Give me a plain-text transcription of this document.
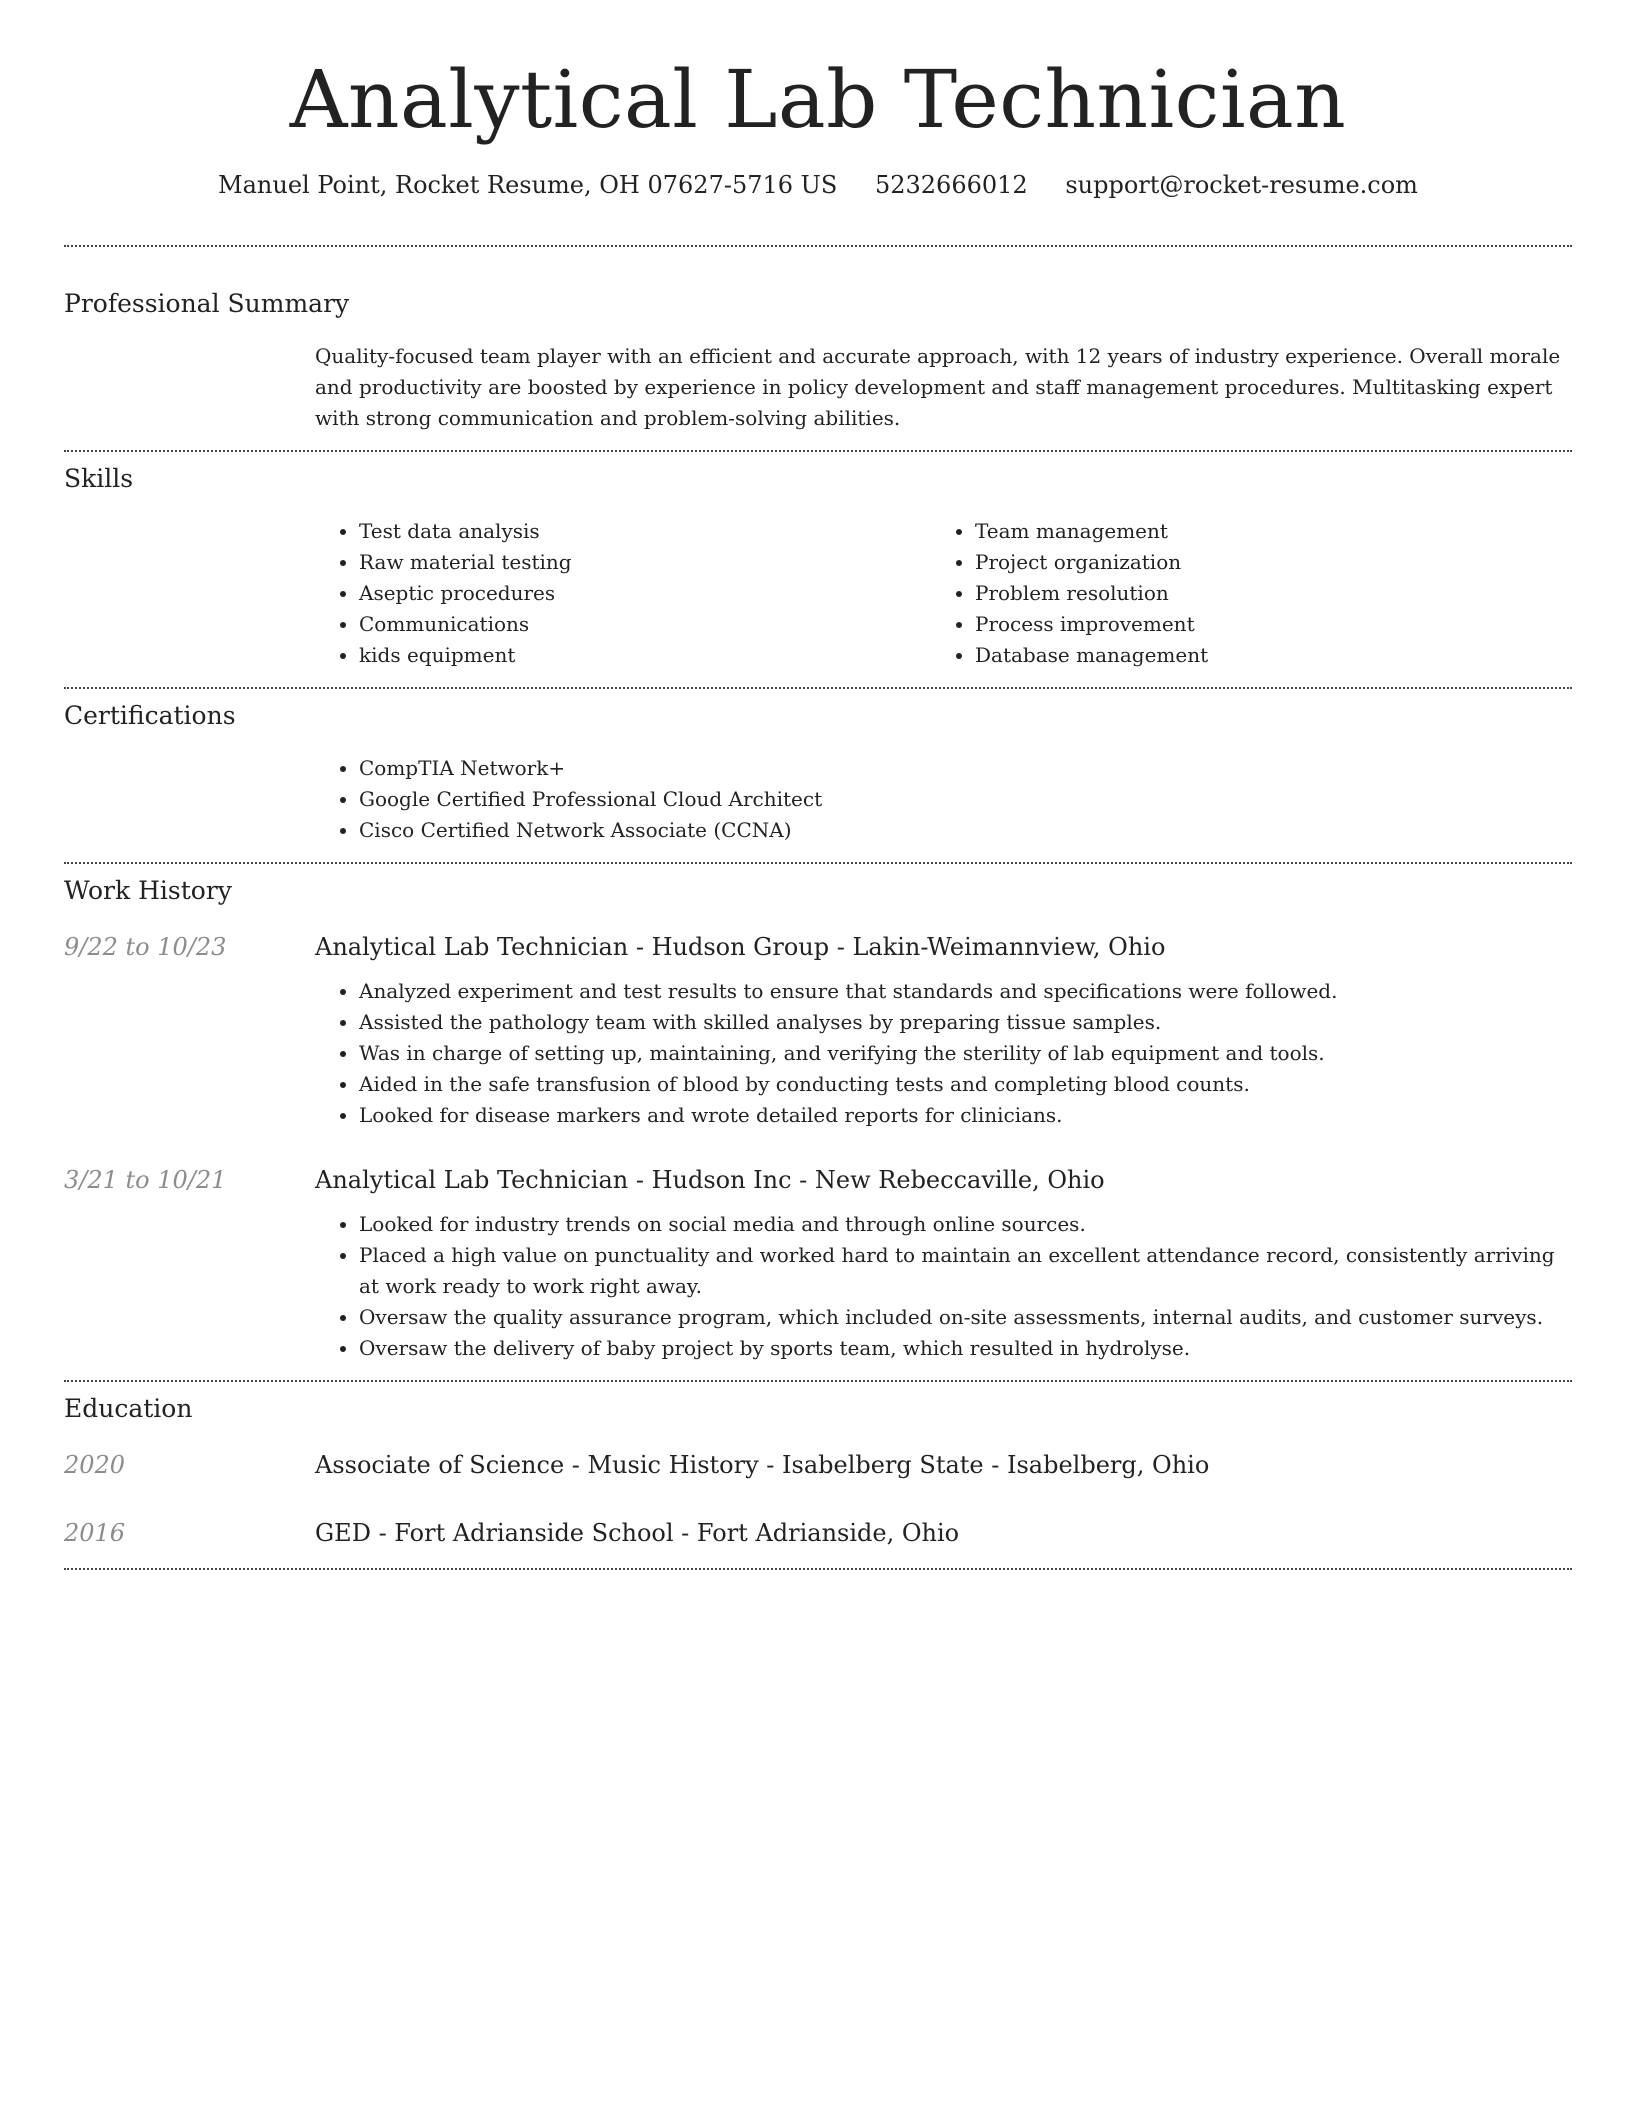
Analytical Lab Technician
Manuel Point, Rocket Resume, OH 07627-5716 US 5232666012 support@rocket-resume.com
Professional Summary

Quality-focused team player with an efficient and accurate approach, with 12 years of industry experience. Overall morale and productivity are boosted by experience in policy development and staff management procedures. Multitasking expert with strong communication and problem-solving abilities.

Skills
• Test data analysis
• Raw material testing
• Aseptic procedures
• Communications
• kids equipment
• Team management
• Project organization
• Problem resolution
• Process improvement
• Database management
Certifications
• CompTIA Network+
• Google Certified Professional Cloud Architect
• Cisco Certified Network Associate (CCNA)
Work History
9/22 to 10/23	Analytical Lab Technician - Hudson Group - Lakin-Weimannview, Ohio
• Analyzed experiment and test results to ensure that standards and specifications were followed.
• Assisted the pathology team with skilled analyses by preparing tissue samples.
• Was in charge of setting up, maintaining, and verifying the sterility of lab equipment and tools.
• Aided in the safe transfusion of blood by conducting tests and completing blood counts.
• Looked for disease markers and wrote detailed reports for clinicians.
3/21 to 10/21	Analytical Lab Technician - Hudson Inc - New Rebeccaville, Ohio
• Looked for industry trends on social media and through online sources.
• Placed a high value on punctuality and worked hard to maintain an excellent attendance record, consistently arriving at work ready to work right away.
• Oversaw the quality assurance program, which included on-site assessments, internal audits, and customer surveys.
• Oversaw the delivery of baby project by sports team, which resulted in hydrolyse.
Education
2020	Associate of Science - Music History - Isabelberg State - Isabelberg, Ohio
2016	GED - Fort Adrianside School - Fort Adrianside, Ohio
